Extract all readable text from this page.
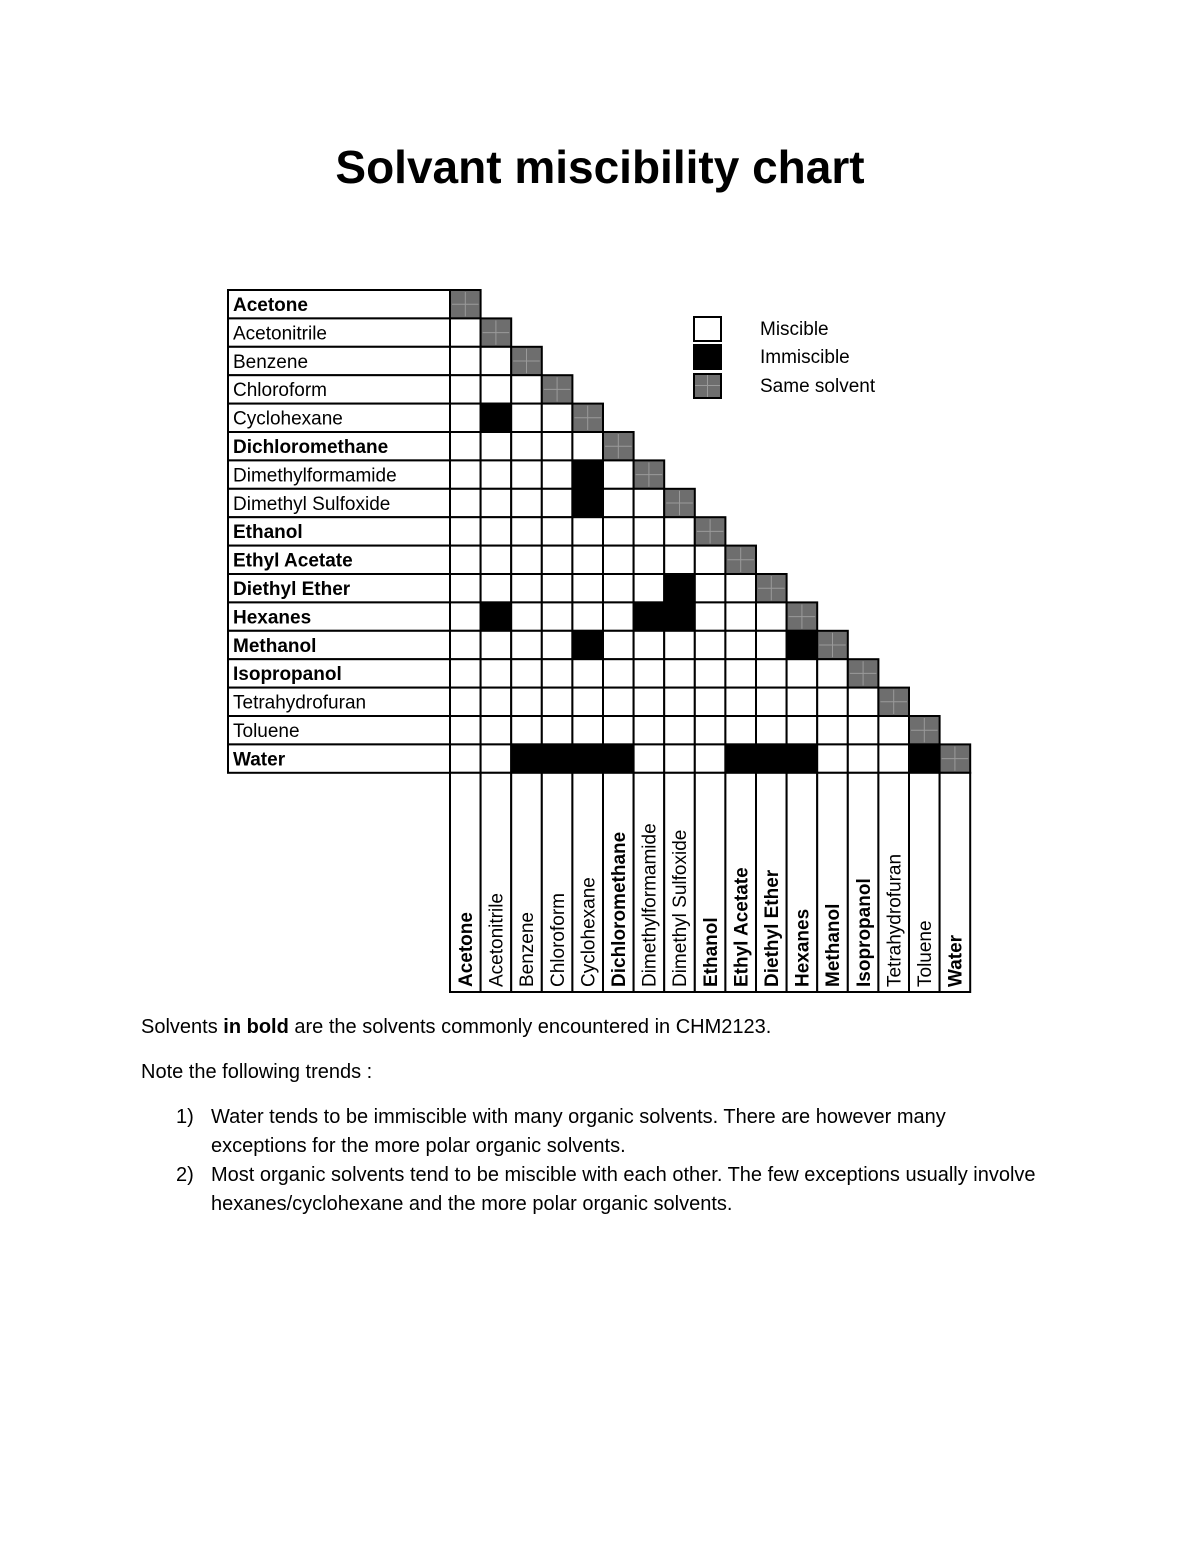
Solvant miscibility chart
Acetone
Acetonitrile
Benzene
Chloroform
Cyclohexane
Dichloromethane
Dimethylformamide
Dimethyl Sulfoxide
Ethanol
Ethyl Acetate
Diethyl Ether
Hexanes
Methanol
Isopropanol
Tetrahydrofuran
Toluene
Water
Acetone Acetonitrile Benzene Chloroform Cyclohexane Dichloromethane Dimethylformamide Dimethyl Sulfoxide Ethanol Ethyl Acetate Diethyl Ether Hexanes Methanol Isopropanol Tetrahydrofuran Toluene Water
Miscible
Immiscible
Same solvent

Solvents in bold are the solvents commonly encountered in CHM2123.

Note the following trends :

1) Water tends to be immiscible with many organic solvents. There are however many exceptions for the more polar organic solvents.
2) Most organic solvents tend to be miscible with each other. The few exceptions usually involve hexanes/cyclohexane and the more polar organic solvents.
